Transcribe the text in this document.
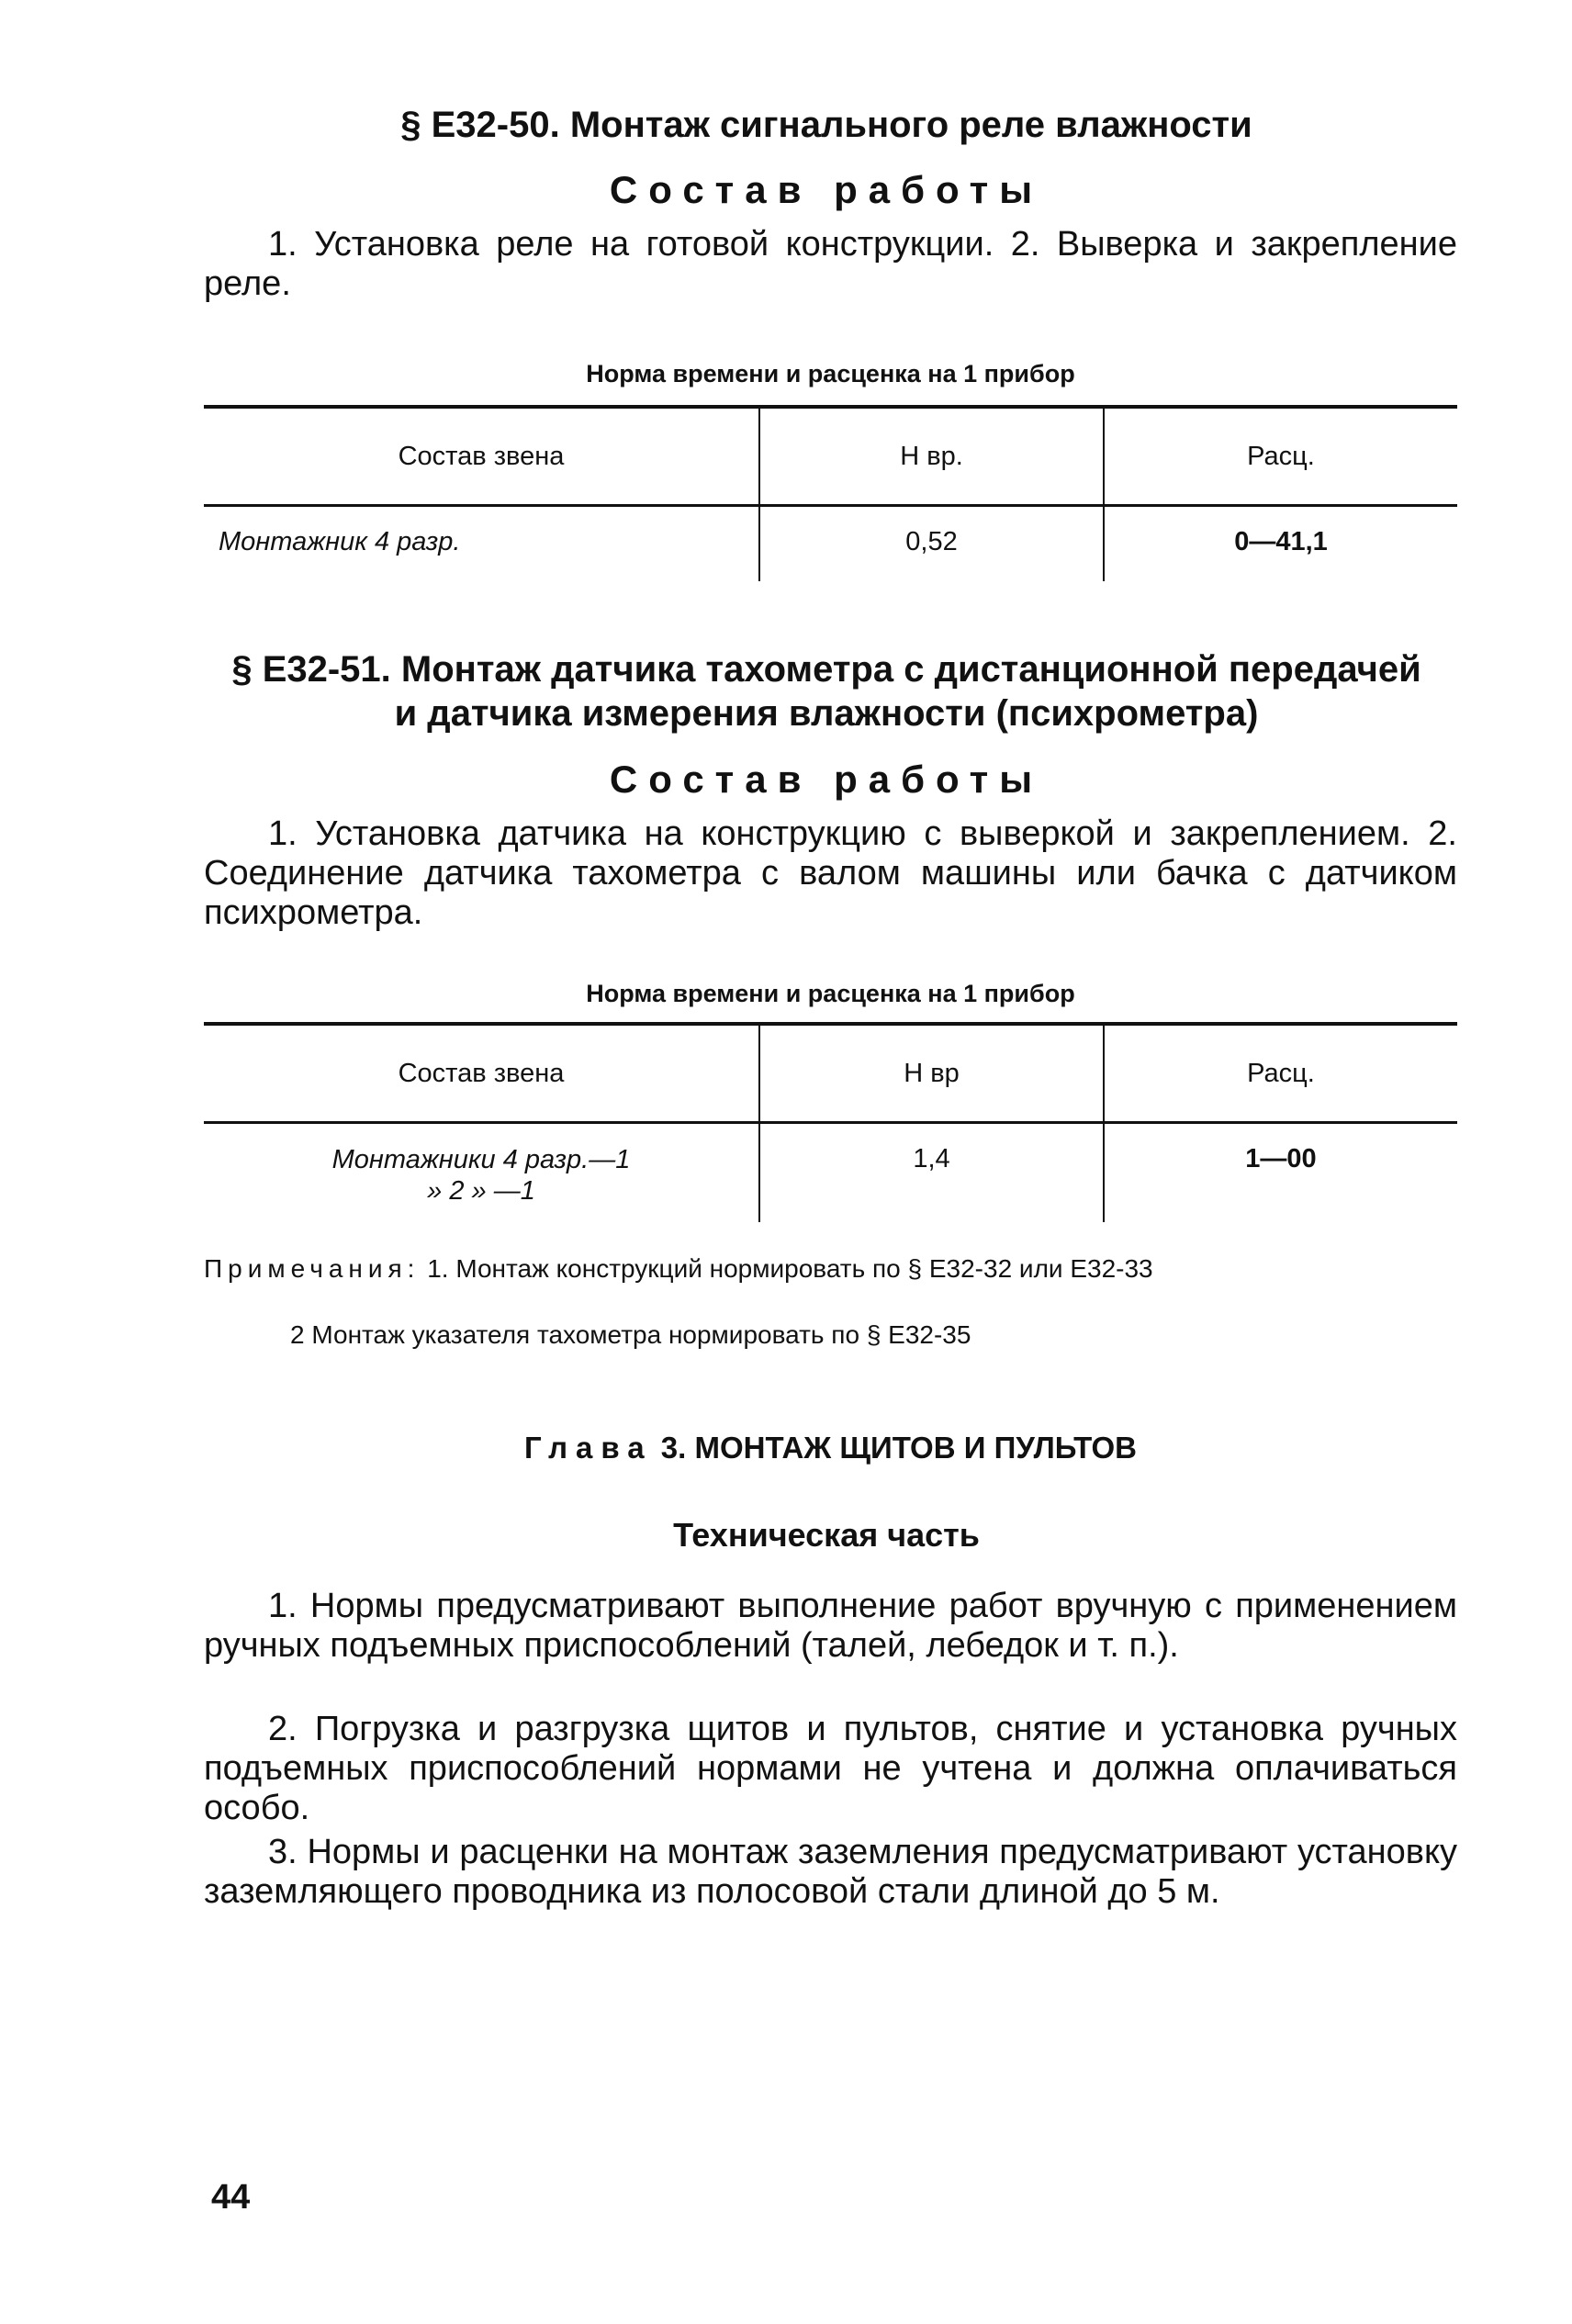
§ Е32-50. Монтаж сигнального реле влажности
Состав работы

1. Установка реле на готовой конструкции. 2. Выверка и закрепление реле.

Норма времени и расценка на 1 прибор
Состав звена	Н вр.	Расц.
Монтажник 4 разр.	0,52	0—41,1
§ Е32-51. Монтаж датчика тахометра с дистанционной передачей
и датчика измерения влажности (психрометра)
Состав работы

1. Установка датчика на конструкцию с выверкой и закреплением. 2. Соединение датчика тахометра с валом машины или бачка с датчиком психрометра.

Норма времени и расценка на 1 прибор
Состав звена	Н вр	Расц.

Монтажники 4 разр.—1
» 2 » —1	1,4	1—00
Примечания: 1. Монтаж конструкций нормировать по § Е32-32 или Е32-33
2 Монтаж указателя тахометра нормировать по § Е32-35
Глава 3. МОНТАЖ ЩИТОВ И ПУЛЬТОВ
Техническая часть

1. Нормы предусматривают выполнение работ вручную с применением ручных подъемных приспособлений (талей, лебедок и т. п.).

2. Погрузка и разгрузка щитов и пультов, снятие и установка ручных подъемных приспособлений нормами не учтена и должна оплачиваться особо.

3. Нормы и расценки на монтаж заземления предусматривают установку заземляющего проводника из полосовой стали длиной до 5 м.

44
